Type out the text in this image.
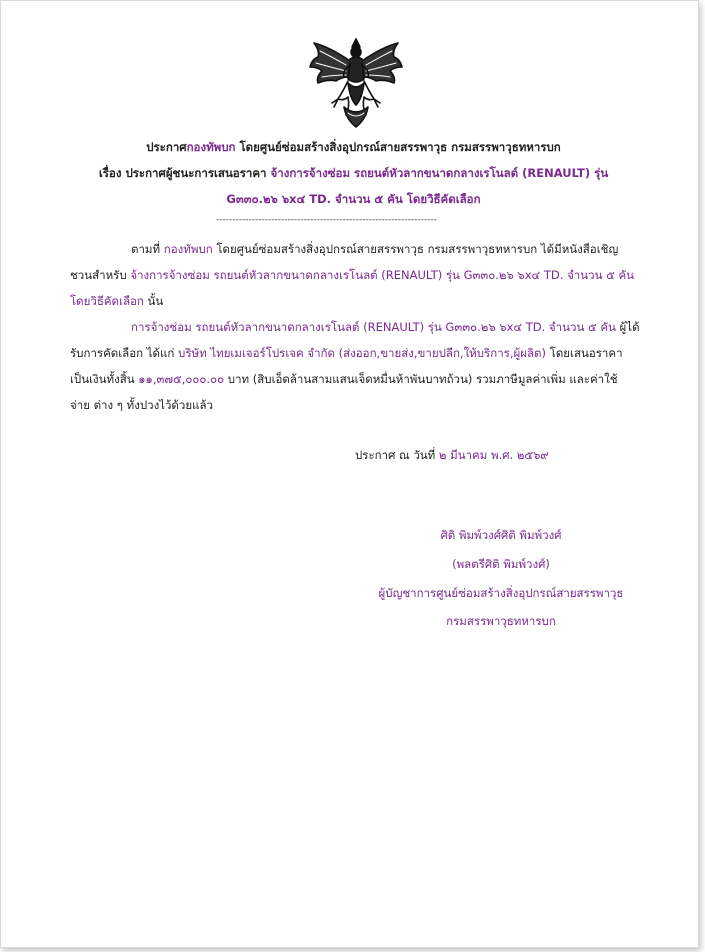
ประกาศกองทัพบก โดยศูนย์ซ่อมสร้างสิ่งอุปกรณ์สายสรรพาวุธ กรมสรรพาวุธทหารบก
เรื่อง ประกาศผู้ชนะการเสนอราคา จ้างการจ้างซ่อม รถยนต์หัวลากขนาดกลางเรโนลต์ (RENAULT) รุ่น
G๓๓๐.๒๖ ๖x๔ TD. จำนวน ๕ คัน โดยวิธีคัดเลือก
--------------------------------------------------------------------
ตามที่ กองทัพบก โดยศูนย์ซ่อมสร้างสิ่งอุปกรณ์สายสรรพาวุธ กรมสรรพาวุธทหารบก ได้มีหนังสือเชิญ
ชวนสำหรับ จ้างการจ้างซ่อม รถยนต์หัวลากขนาดกลางเรโนลต์ (RENAULT) รุ่น G๓๓๐.๒๖ ๖x๔ TD. จำนวน ๕ คัน
โดยวิธีคัดเลือก นั้น
การจ้างซ่อม รถยนต์หัวลากขนาดกลางเรโนลต์ (RENAULT) รุ่น G๓๓๐.๒๖ ๖x๔ TD. จำนวน ๕ คัน ผู้ได้
รับการคัดเลือก ได้แก่ บริษัท ไทยเมเจอร์โปรเจค จำกัด (ส่งออก,ขายส่ง,ขายปลีก,ให้บริการ,ผู้ผลิต) โดยเสนอราคา
เป็นเงินทั้งสิ้น ๑๑,๓๗๕,๐๐๐.๐๐ บาท (สิบเอ็ดล้านสามแสนเจ็ดหมื่นห้าพันบาทถ้วน) รวมภาษีมูลค่าเพิ่ม และค่าใช้
จ่าย ต่าง ๆ ทั้งปวงไว้ด้วยแล้ว
ประกาศ ณ วันที่ ๒ มีนาคม พ.ศ. ๒๕๖๙
ศิติ พิมพ์วงศ์ศิติ พิมพ์วงศ์
(พลตรีศิติ พิมพ์วงศ์)
ผู้บัญชาการศูนย์ซ่อมสร้างสิ่งอุปกรณ์สายสรรพาวุธ
กรมสรรพาวุธทหารบก
